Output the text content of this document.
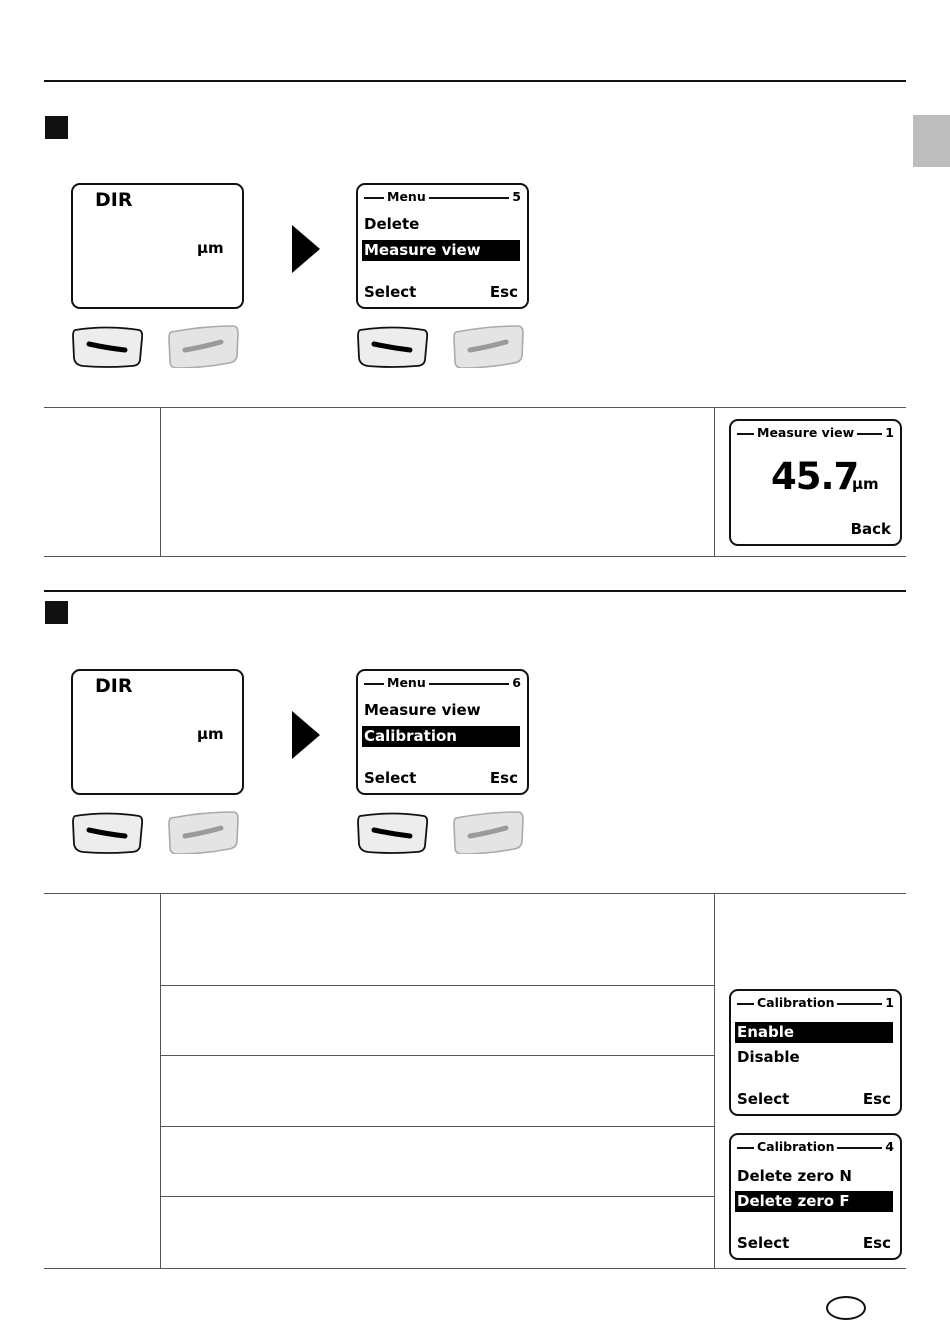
DIR
µm
Menu	5
Delete
Measure view
Select	Esc
Measure view 1
45.7
µm
Back
DIR
µm
Menu	6
Measure view
Calibration
Select	Esc
Calibration	1
Enable
Disable
Select	Esc
Calibration	4
Delete zero N
Delete zero F
Select	Esc
